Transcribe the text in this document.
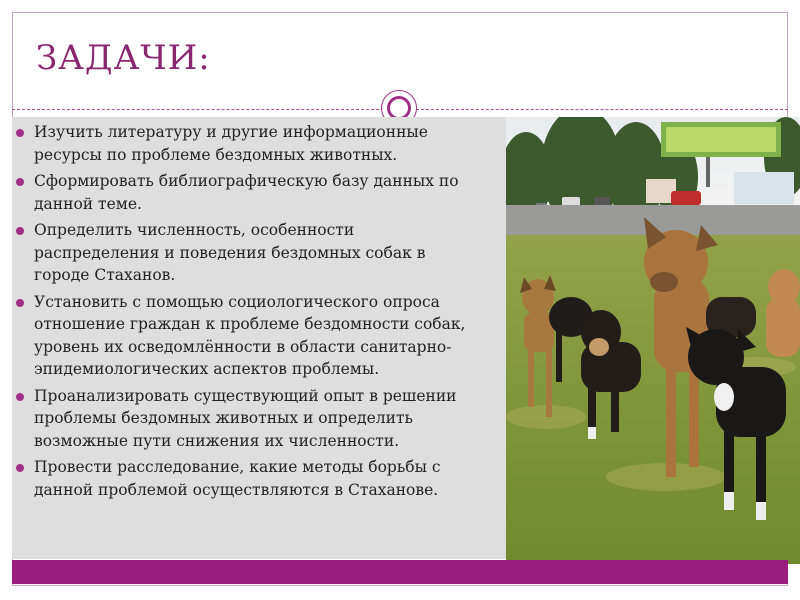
ЗАДАЧИ:
Изучить литературу и другие информационные
ресурсы по проблеме бездомных животных.
Сформировать библиографическую базу данных по
данной теме.
Определить численность, особенности
распределения и поведения бездомных собак в
городе Стаханов.
Установить с помощью социологического опроса
отношение граждан к проблеме бездомности собак,
уровень их осведомлённости в области санитарно-
эпидемиологических аспектов проблемы.
Проанализировать существующий опыт в решении
проблемы бездомных животных и определить
возможные пути снижения их численности.
Провести расследование, какие методы борьбы с
данной проблемой осуществляются в Стаханове.
